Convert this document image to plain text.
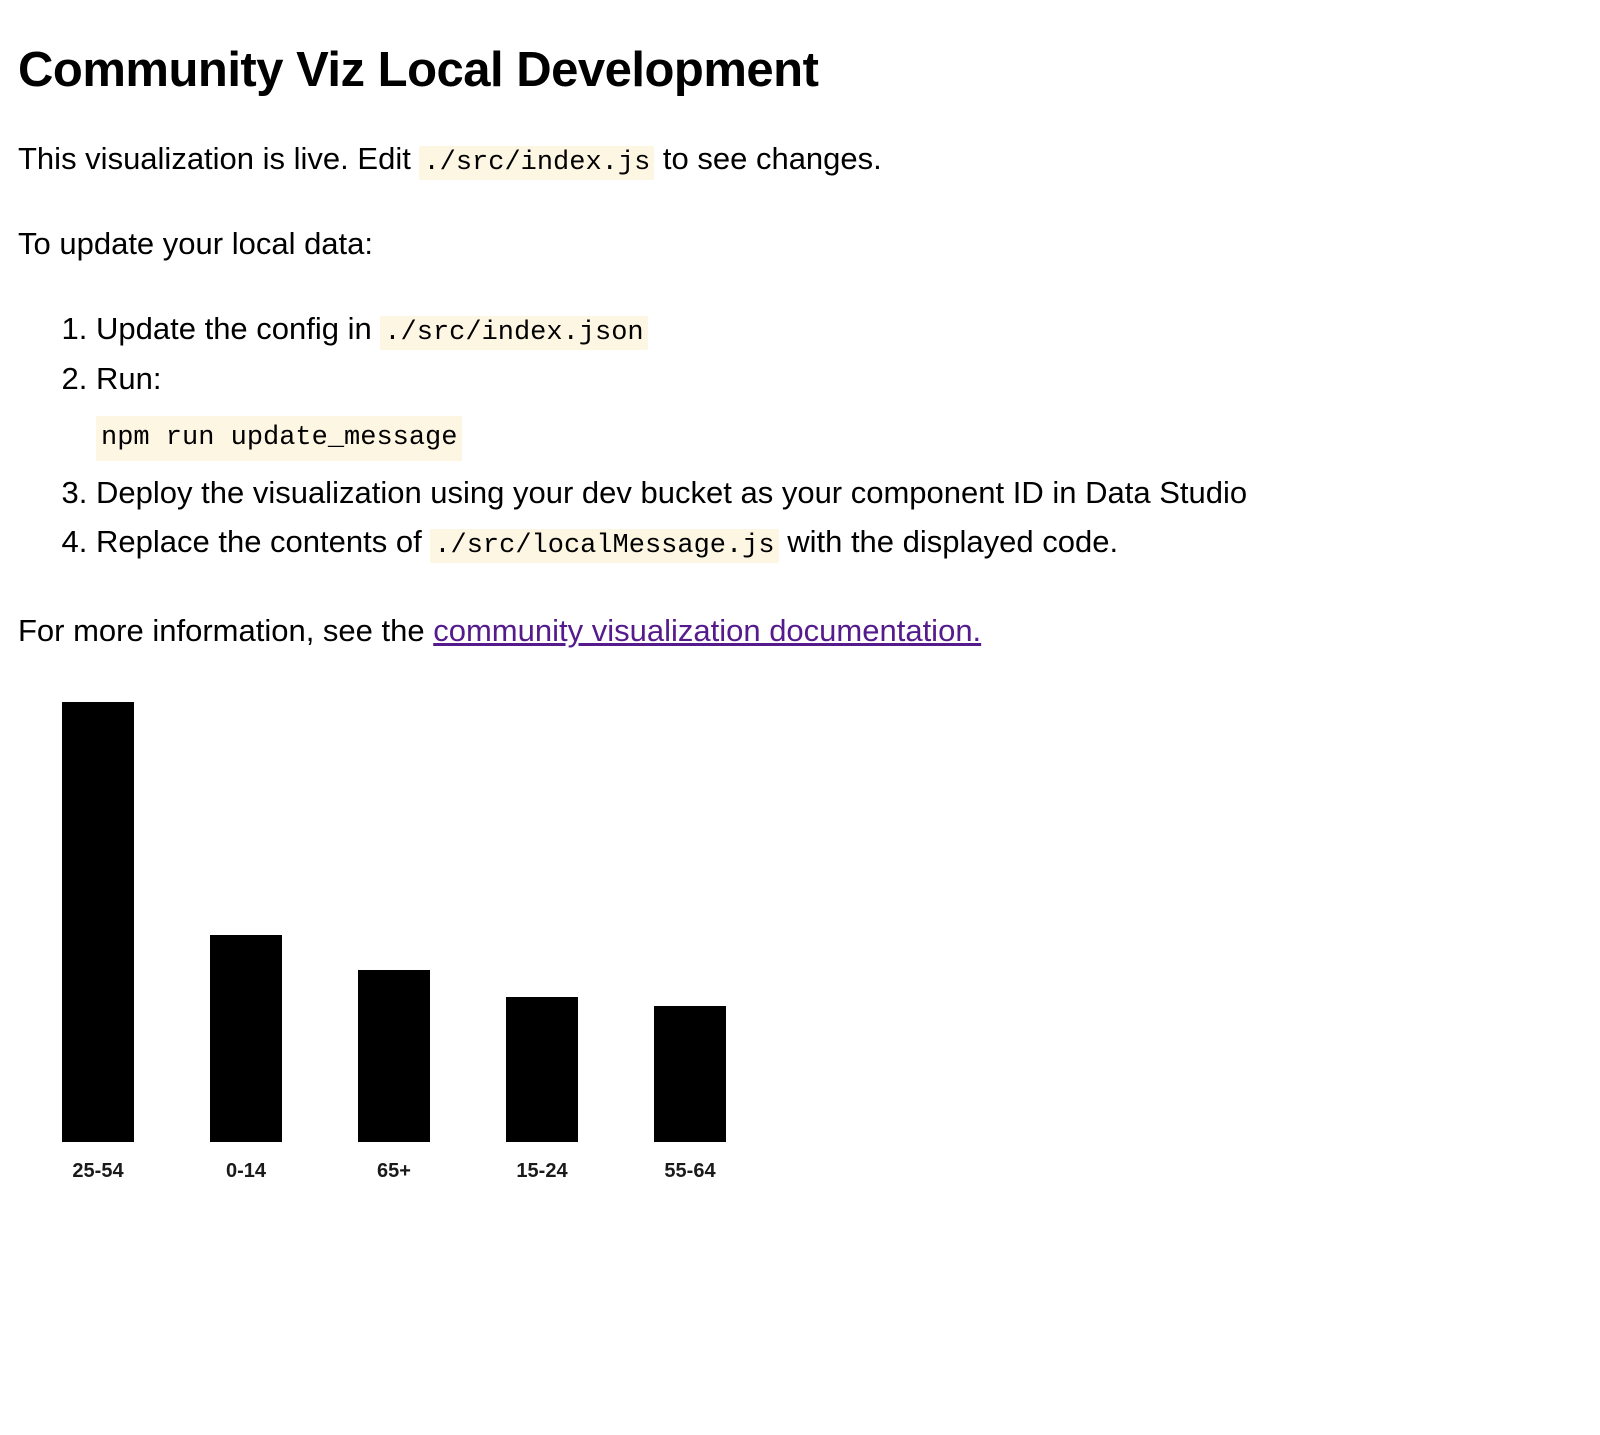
Community Viz Local Development

This visualization is live. Edit ./src/index.js to see changes.

To update your local data:

1. Update the config in ./src/index.json
2. Run:
npm run update_message
3. Deploy the visualization using your dev bucket as your component ID in Data Studio
4. Replace the contents of ./src/localMessage.js with the displayed code.

For more information, see the community visualization documentation.

25-54	0-14	65+	15-24	55-64
